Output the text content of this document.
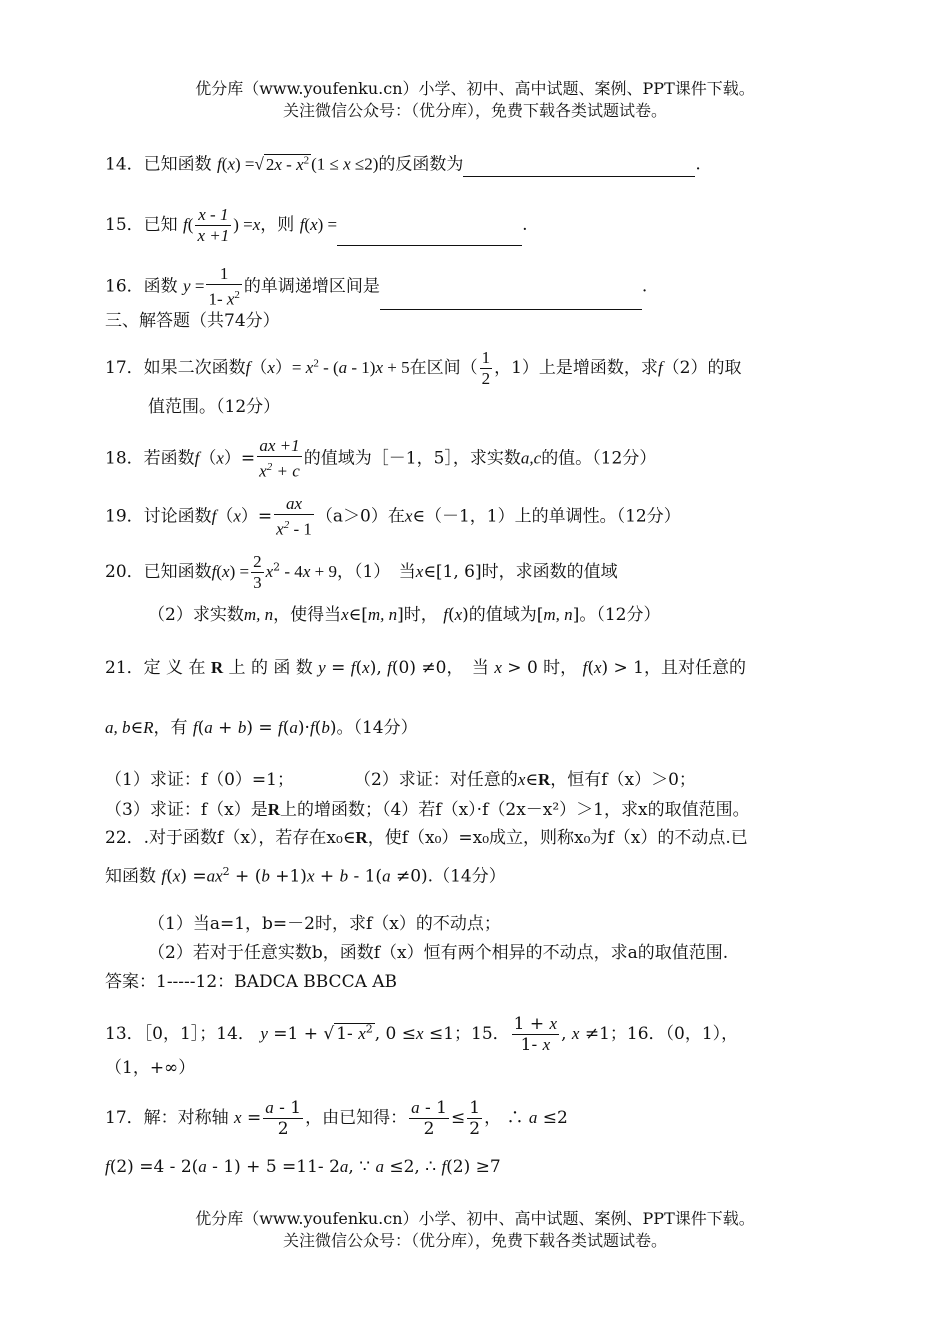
优分库（www.youfenku.cn）小学、初中、高中试题、案例、PPT课件下载。
关注微信公众号：（优分库），免费下载各类试题试卷。
14．已知函数 f(x) =√ $2x - x^2$ (1 ≤ x ≤2)的反函数为	.
15．已知 $f( \frac{x - 1}{x +1}$ ) =x，则 f(x) =	.
16．函数 $y = \frac{1}{1- x^2}$ 的单调递增区间是	.
三、解答题（共74分）
17．如果二次函数$f(x)= x^2 - (a - 1)x + 5$在区间（ $\frac{1}{2}$ ，1）上是增函数，求f（2）的取
值范围。（12分）
18．若函数$f(x)= \frac{ax +1}{x^2 + c}$ 的值域为［－1，5］，求实数a,c的值。（12分）
19．讨论函数$f(x)= \frac{ax}{x^2 - 1} (a>0)$在x∈（－1，1）上的单调性。（12分）
20．已知函数$f(x) = \frac{2}{3} x^2 - 4x + 9$，（1）　当x∈[1, 6]时，求函数的值域
（2）求实数m, n，使得当x∈[m, n]时， f(x)的值域为[m, n]。（12分）
21．定 义 在 R 上 的 函 数 y = f(x), f(0) ≠0，　当 x > 0 时， f(x) > 1，且对任意的
a, b∈R，有 f(a + b) = f(a)·f(b)。（14分）
（1）求证：f（0）=1；	（2）求证：对任意的x∈R，恒有f（x）＞0；
（3）求证：f（x）是R上的增函数；（4）若f（x）·f（2x－x²）＞1，求x的取值范围。
22．.对于函数f（x），若存在x₀∈R，使f（x₀）=x₀成立，则称x₀为f（x）的不动点.已
知函数 $f(x) =ax^2 + (b +1)x + b - 1(a \ne 0).(14$分）
（1）当a=1，b=－2时，求f（x）的不动点；
（2）若对于任意实数b，函数f（x）恒有两个相异的不动点，求a的取值范围.
答案：1-----12：BADCA BBCCA AB
13．［0，1］；14． y =1 + √ 1- $x^2$ , 0 ≤x ≤1；15． $\frac{1 + x}{1- x}$ , x ≠1；16．（0，1），
（1，+∞）
17．解：对称轴 $x = \frac{a - 1}{2}$ ，由已知得： $\frac{a - 1}{2} \le \frac{1}{2}$ ， ∴ a ≤2
f(2) =4 - 2(a - 1) + 5 =11- 2a, ∵ a ≤2, ∴ f(2) ≥7
优分库（www.youfenku.cn）小学、初中、高中试题、案例、PPT课件下载。
关注微信公众号：（优分库），免费下载各类试题试卷。
